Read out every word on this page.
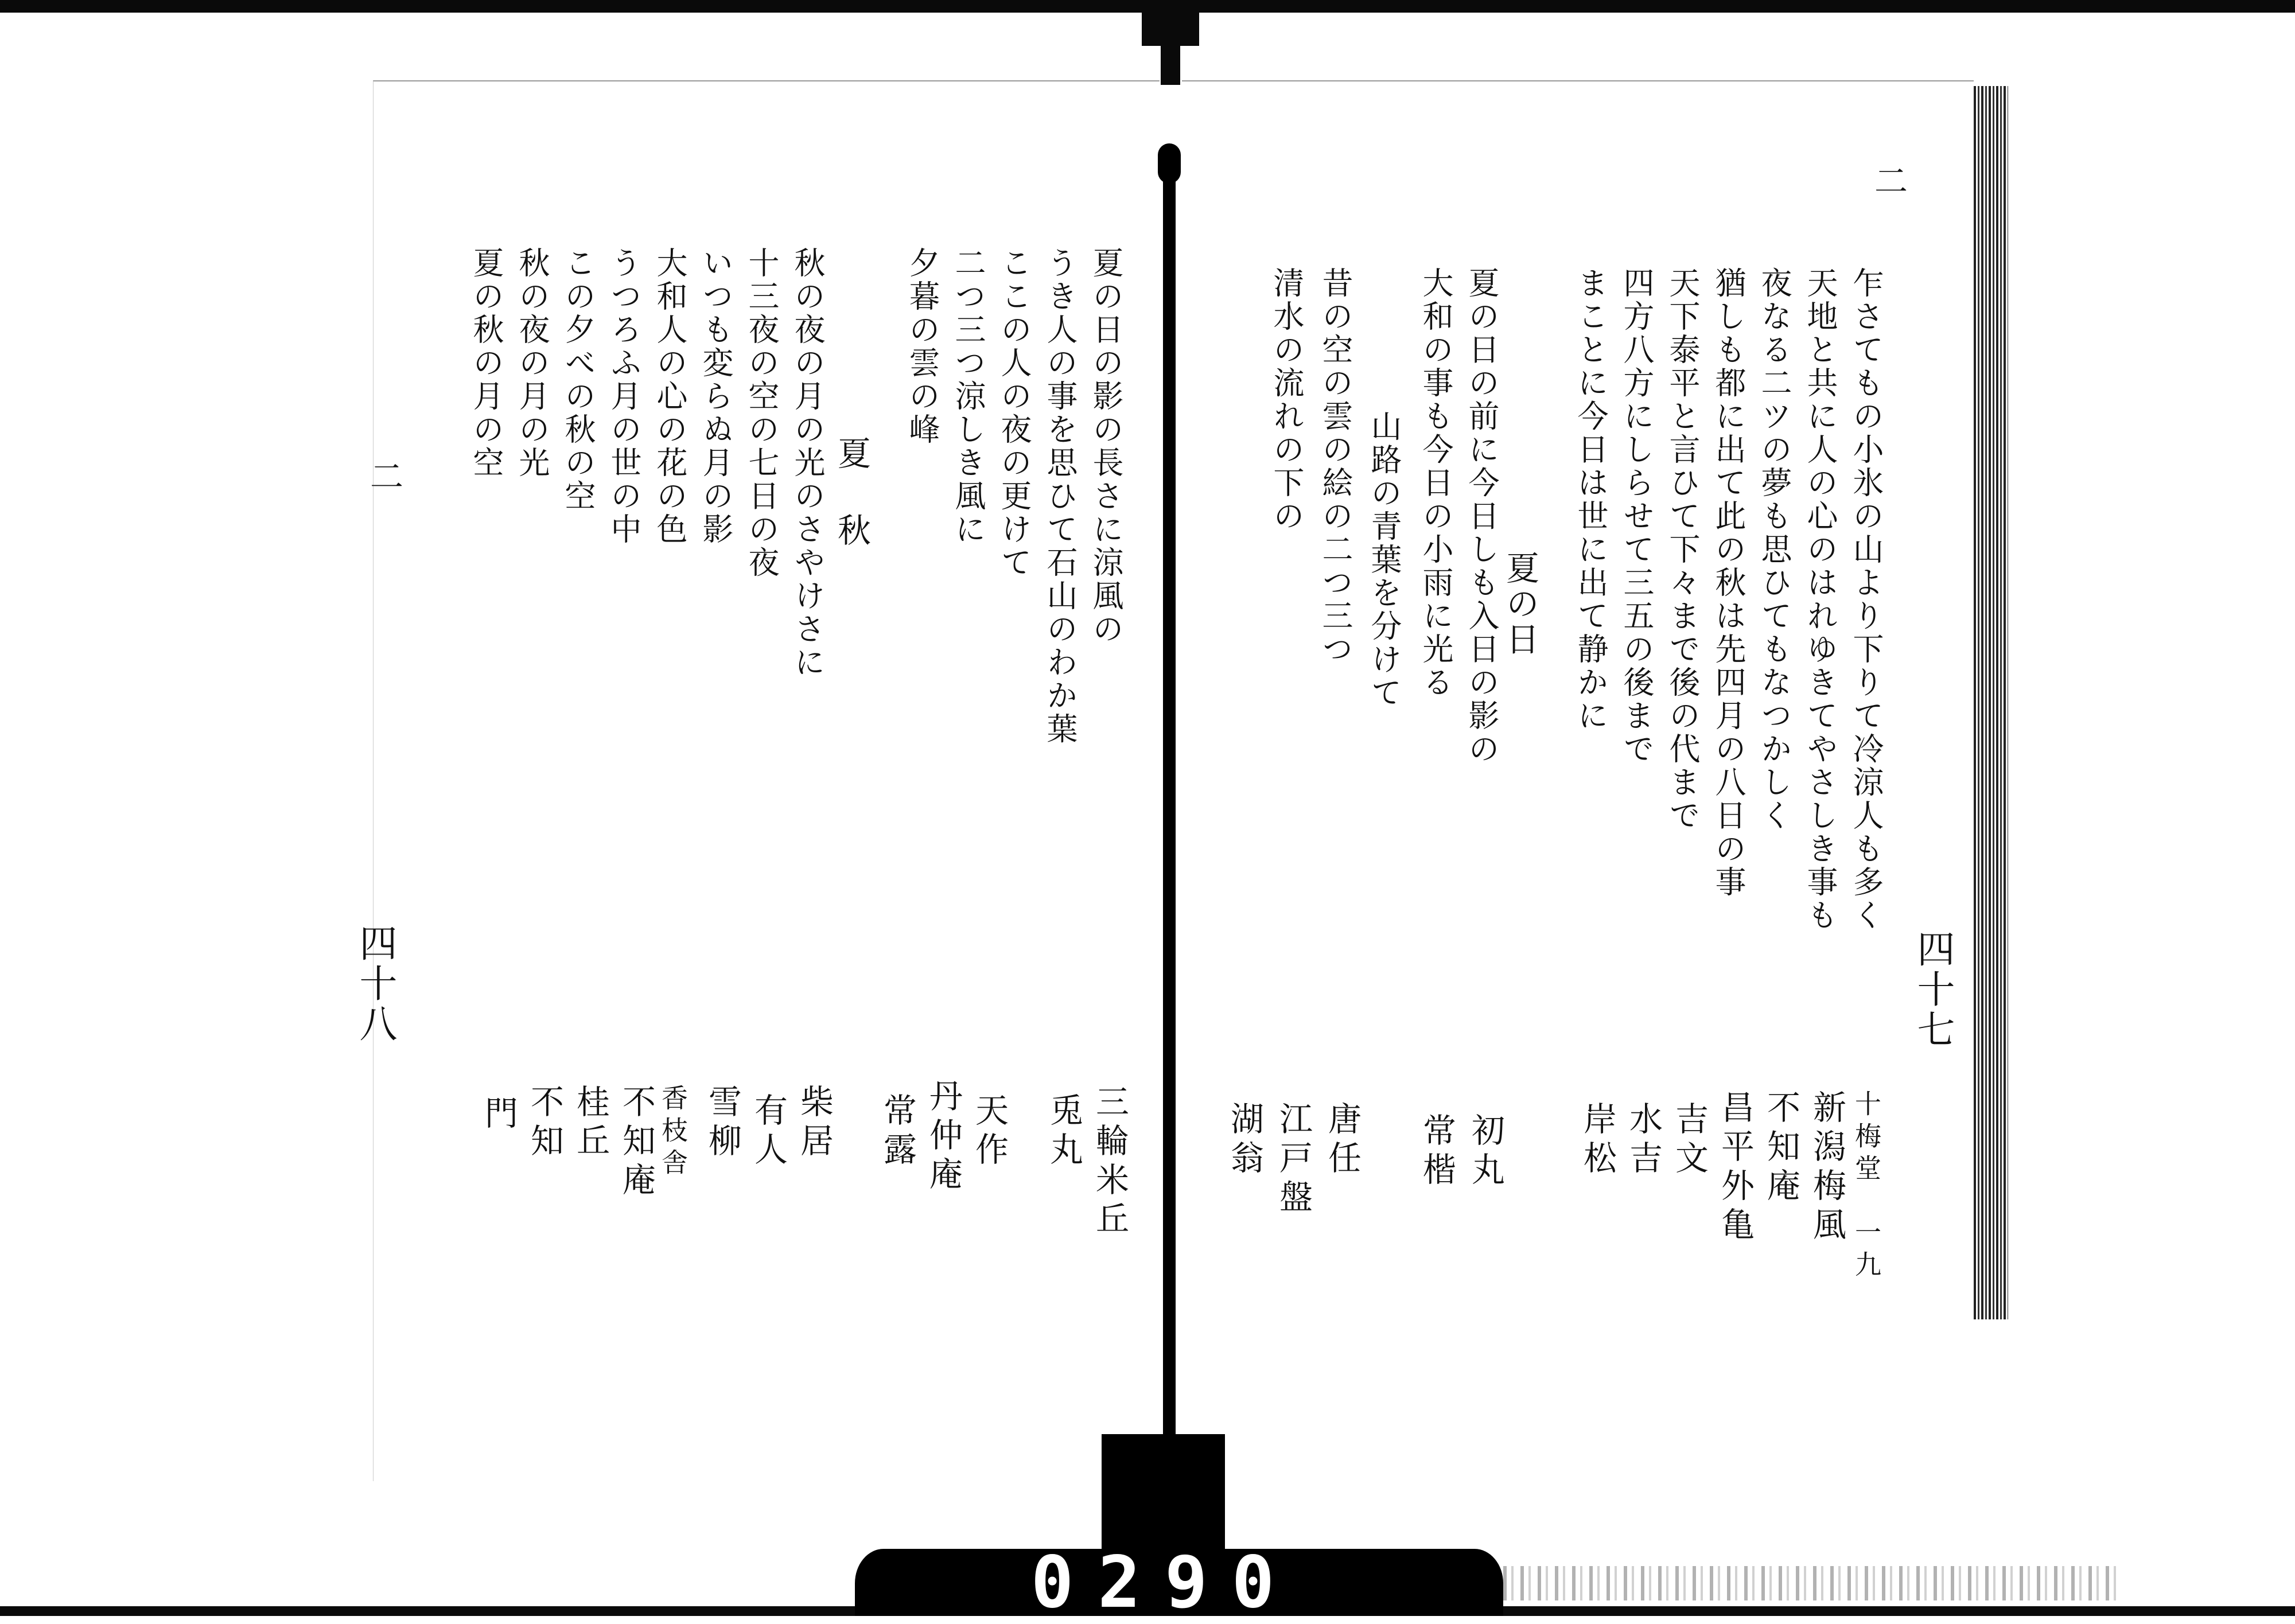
二
四十七
乍さてもの小氷の山より下りて冷涼人も多く
天地と共に人の心のはれゆきてやさしき事も
夜なる二ツの夢も思ひてもなつかしく
猶しも都に出て此の秋は先四月の八日の事
天下泰平と言ひて下々まで後の代まで
四方八方にしらせて三五の後まで
まことに今日は世に出て静かに
夏の日
夏の日の前に今日しも入日の影の
大和の事も今日の小雨に光る
山路の青葉を分けて
昔の空の雲の絵の二つ三つ
清水の流れの下の
十梅堂　一九
新潟梅風
不知庵
昌平外亀
吉文
水吉
岸松
初丸
常楷
唐任
江戸盤
湖翁
二
四十八
夏の日の影の長さに涼風の
うき人の事を思ひて石山のわか葉
ここの人の夜の更けて
二つ三つ涼しき風に
夕暮の雲の峰
夏 秋
秋の夜の月の光のさやけさに
十三夜の空の七日の夜
いつも変らぬ月の影
大和人の心の花の色
うつろふ月の世の中
この夕べの秋の空
秋の夜の月の光
夏の秋の月の空
三輪米丘
兎丸
天作
丹仲庵
常露
柴居
有人
雪柳
香枝舎
不知庵
桂丘
不知
門
0290
